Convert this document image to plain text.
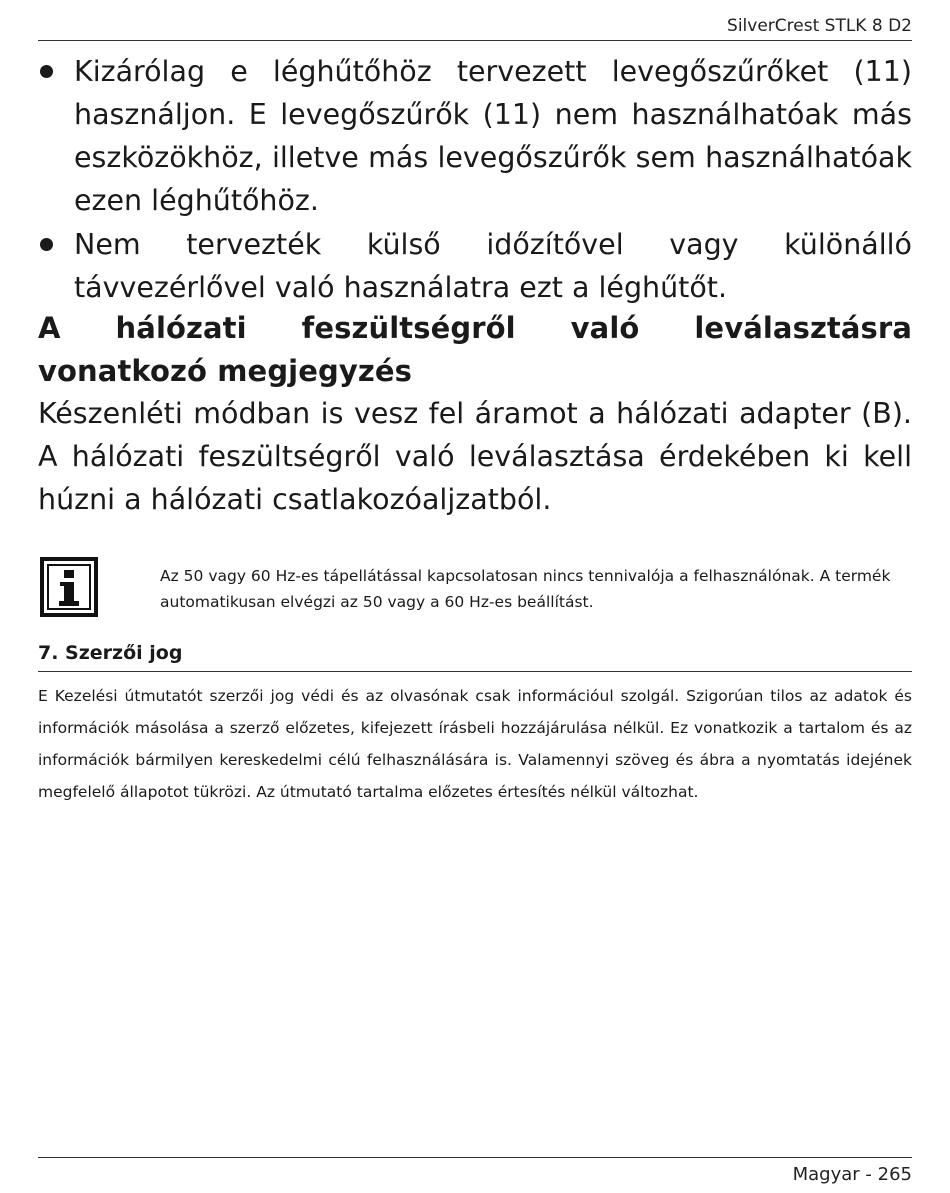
SilverCrest STLK 8 D2
Kizárólag e léghűtőhöz tervezett levegőszűrőket (11) használjon. E levegőszűrők (11) nem használhatóak más eszközökhöz, illetve más levegőszűrők sem használhatóak ezen léghűtőhöz.
Nem tervezték külső időzítővel vagy különálló távvezérlővel való használatra ezt a léghűtőt.
A hálózati feszültségről való leválasztásra vonatkozó megjegyzés

Készenléti módban is vesz fel áramot a hálózati adapter (B). A hálózati feszültségről való leválasztása érdekében ki kell húzni a hálózati csatlakozóaljzatból.

Az 50 vagy 60 Hz-es tápellátással kapcsolatosan nincs tennivalója a felhasználónak. A termék automatikusan elvégzi az 50 vagy a 60 Hz-es beállítást.

7. Szerzői jog

E Kezelési útmutatót szerzői jog védi és az olvasónak csak információul szolgál. Szigorúan tilos az adatok és információk másolása a szerző előzetes, kifejezett írásbeli hozzájárulása nélkül. Ez vonatkozik a tartalom és az információk bármilyen kereskedelmi célú felhasználására is. Valamennyi szöveg és ábra a nyomtatás idejének megfelelő állapotot tükrözi. Az útmutató tartalma előzetes értesítés nélkül változhat.

Magyar - 265
